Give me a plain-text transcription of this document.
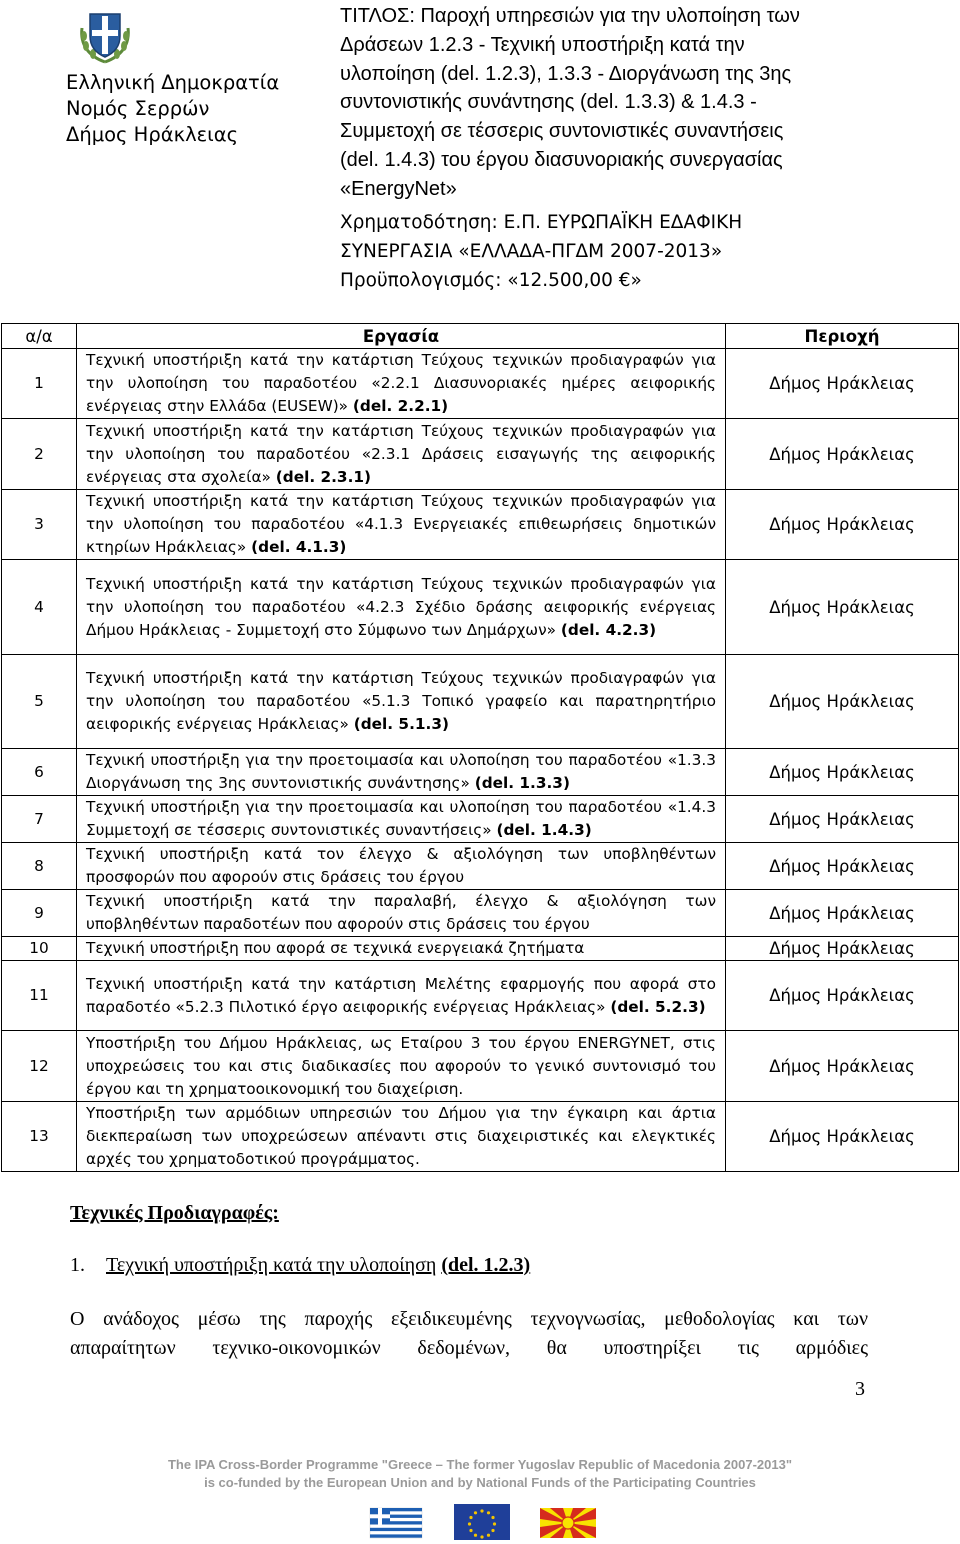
Ελληνική Δημοκρατία
Νομός Σερρών
Δήμος Ηράκλειας
ΤΙΤΛΟΣ: Παροχή υπηρεσιών για την υλοποίηση των
Δράσεων 1.2.3 - Τεχνική υποστήριξη κατά την
υλοποίηση (del. 1.2.3), 1.3.3 - Διοργάνωση της 3ης
συντονιστικής συνάντησης (del. 1.3.3) & 1.4.3 -
Συμμετοχή σε τέσσερις συντονιστικές συναντήσεις
(del. 1.4.3) του έργου διασυνοριακής συνεργασίας
«EnergyNet»
Χρηματοδότηση: Ε.Π. ΕΥΡΩΠΑΪΚΗ ΕΔΑΦΙΚΗ
ΣΥΝΕΡΓΑΣΙΑ «ΕΛΛΑΔΑ-ΠΓΔΜ 2007-2013»
Προϋπολογισμός: «12.500,00 €»
α/α	Εργασία	Περιοχή
1	Τεχνική υποστήριξη κατά την κατάρτιση Τεύχους τεχνικών προδιαγραφών για την υλοποίηση του παραδοτέου «2.2.1 Διασυνοριακές ημέρες αειφορικής ενέργειας στην Ελλάδα (EUSEW)» (del. 2.2.1)	Δήμος Ηράκλειας
2	Τεχνική υποστήριξη κατά την κατάρτιση Τεύχους τεχνικών προδιαγραφών για την υλοποίηση του παραδοτέου «2.3.1 Δράσεις εισαγωγής της αειφορικής ενέργειας στα σχολεία» (del. 2.3.1)	Δήμος Ηράκλειας
3	Τεχνική υποστήριξη κατά την κατάρτιση Τεύχους τεχνικών προδιαγραφών για την υλοποίηση του παραδοτέου «4.1.3 Ενεργειακές επιθεωρήσεις δημοτικών κτηρίων Ηράκλειας» (del. 4.1.3)	Δήμος Ηράκλειας
4	Τεχνική υποστήριξη κατά την κατάρτιση Τεύχους τεχνικών προδιαγραφών για την υλοποίηση του παραδοτέου «4.2.3 Σχέδιο δράσης αειφορικής ενέργειας Δήμου Ηράκλειας - Συμμετοχή στο Σύμφωνο των Δημάρχων» (del. 4.2.3)	Δήμος Ηράκλειας
5	Τεχνική υποστήριξη κατά την κατάρτιση Τεύχους τεχνικών προδιαγραφών για την υλοποίηση του παραδοτέου «5.1.3 Τοπικό γραφείο και παρατηρητήριο αειφορικής ενέργειας Ηράκλειας» (del. 5.1.3)	Δήμος Ηράκλειας
6	Τεχνική υποστήριξη για την προετοιμασία και υλοποίηση του παραδοτέου «1.3.3 Διοργάνωση της 3ης συντονιστικής συνάντησης» (del. 1.3.3)	Δήμος Ηράκλειας
7	Τεχνική υποστήριξη για την προετοιμασία και υλοποίηση του παραδοτέου «1.4.3 Συμμετοχή σε τέσσερις συντονιστικές συναντήσεις» (del. 1.4.3)	Δήμος Ηράκλειας
8	Τεχνική υποστήριξη κατά τον έλεγχο & αξιολόγηση των υποβληθέντων προσφορών που αφορούν στις δράσεις του έργου	Δήμος Ηράκλειας
9	Τεχνική υποστήριξη κατά την παραλαβή, έλεγχο & αξιολόγηση των υποβληθέντων παραδοτέων που αφορούν στις δράσεις του έργου	Δήμος Ηράκλειας
10	Τεχνική υποστήριξη που αφορά σε τεχνικά ενεργειακά ζητήματα	Δήμος Ηράκλειας
11	Τεχνική υποστήριξη κατά την κατάρτιση Μελέτης εφαρμογής που αφορά στο παραδοτέο «5.2.3 Πιλοτικό έργο αειφορικής ενέργειας Ηράκλειας» (del. 5.2.3)	Δήμος Ηράκλειας
12	Υποστήριξη του Δήμου Ηράκλειας, ως Εταίρου 3 του έργου ENERGYNET, στις υποχρεώσεις του και στις διαδικασίες που αφορούν το γενικό συντονισμό του έργου και τη χρηματοοικονομική του διαχείριση.	Δήμος Ηράκλειας
13	Υποστήριξη των αρμόδιων υπηρεσιών του Δήμου για την έγκαιρη και άρτια διεκπεραίωση των υποχρεώσεων απέναντι στις διαχειριστικές και ελεγκτικές αρχές του χρηματοδοτικού προγράμματος.	Δήμος Ηράκλειας
Τεχνικές Προδιαγραφές:
1. Τεχνική υποστήριξη κατά την υλοποίηση (del. 1.2.3)
Ο ανάδοχος μέσω της παροχής εξειδικευμένης τεχνογνωσίας, μεθοδολογίας και των
απαραίτητων τεχνικο-οικονομικών δεδομένων, θα υποστηρίξει τις αρμόδιες
3
The IPA Cross-Border Programme "Greece – The former Yugoslav Republic of Macedonia 2007-2013"
is co-funded by the European Union and by National Funds of the Participating Countries
